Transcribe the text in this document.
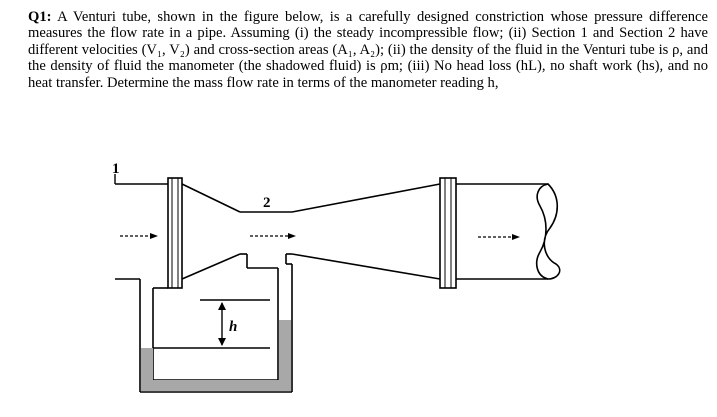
Q1: A Venturi tube, shown in the figure below, is a carefully designed constriction whose pressure difference measures the flow rate in a pipe. Assuming (i) the steady incompressible flow; (ii) Section 1 and Section 2 have different velocities (V₁, V₂) and cross-section areas (A₁, A₂); (ii) the density of the fluid in the Venturi tube is ρ, and the density of fluid the manometer (the shadowed fluid) is ρm; (iii) No head loss (hL), no shaft work (hs), and no heat transfer. Determine the mass flow rate in terms of the manometer reading h,
1
2
h
